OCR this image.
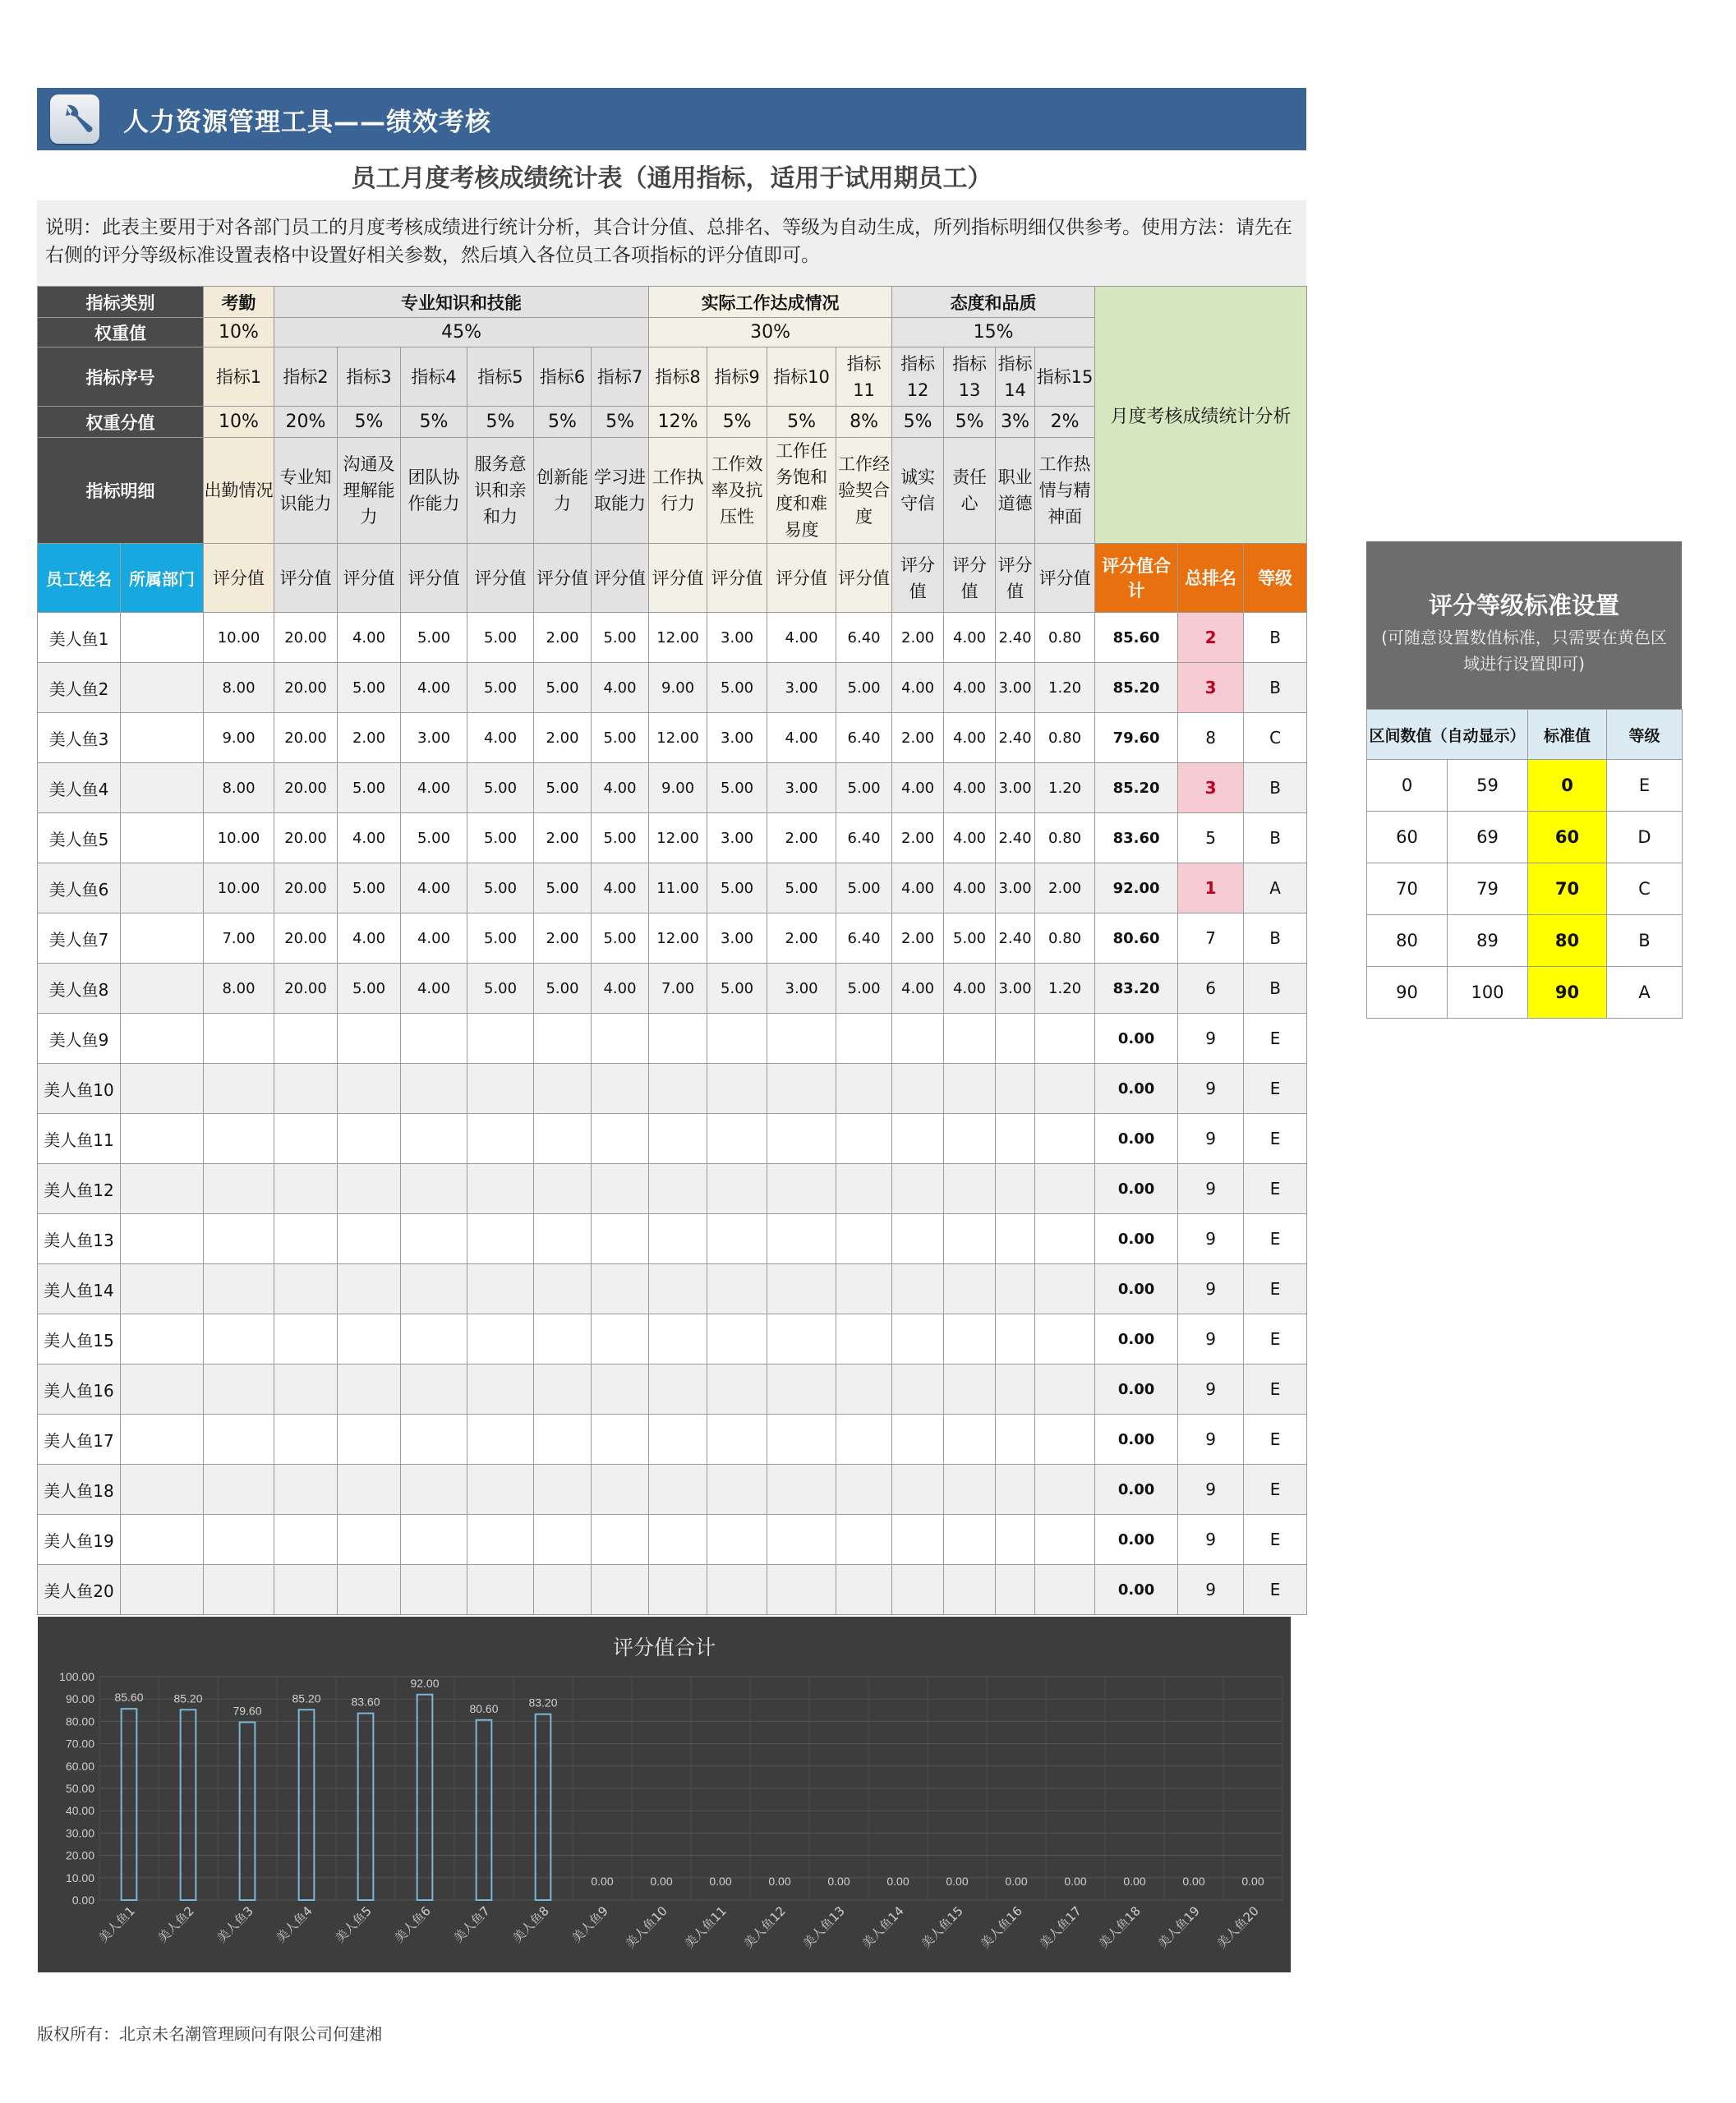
人力资源管理工具——绩效考核
员工月度考核成绩统计表（通用指标，适用于试用期员工）
说明：此表主要用于对各部门员工的月度考核成绩进行统计分析，其合计分值、总排名、等级为自动生成，所列指标明细仅供参考。使用方法：请先在右侧的评分等级标准设置表格中设置好相关参数，然后填入各位员工各项指标的评分值即可。
指标类别		考勤	专业知识和技能						实际工作达成情况				态度和品质				月度考核成绩统计分析		
权重值		10%	45%						30%				15%						
指标序号		指标1	指标2	指标3	指标4	指标5	指标6	指标7	指标8	指标9	指标10	指标11	指标12	指标13	指标14	指标15			
权重分值		10%	20%	5%	5%	5%	5%	5%	12%	5%	5%	8%	5%	5%	3%	2%			
指标明细		出勤情况	专业知识能力	沟通及理解能力	团队协作能力	服务意识和亲和力	创新能力	学习进取能力	工作执行力	工作效率及抗压性	工作任务饱和度和难易度	工作经验契合度	诚实守信	责任心	职业道德	工作热情与精神面			
员工姓名	所属部门	评分值	评分值	评分值	评分值	评分值	评分值	评分值	评分值	评分值	评分值	评分值	评分值	评分值	评分值	评分值	评分值合计	总排名	等级
美人鱼1		10.00	20.00	4.00	5.00	5.00	2.00	5.00	12.00	3.00	4.00	6.40	2.00	4.00	2.40	0.80	85.60	2	B
美人鱼2		8.00	20.00	5.00	4.00	5.00	5.00	4.00	9.00	5.00	3.00	5.00	4.00	4.00	3.00	1.20	85.20	3	B
美人鱼3		9.00	20.00	2.00	3.00	4.00	2.00	5.00	12.00	3.00	4.00	6.40	2.00	4.00	2.40	0.80	79.60	8	C
美人鱼4		8.00	20.00	5.00	4.00	5.00	5.00	4.00	9.00	5.00	3.00	5.00	4.00	4.00	3.00	1.20	85.20	3	B
美人鱼5		10.00	20.00	4.00	5.00	5.00	2.00	5.00	12.00	3.00	2.00	6.40	2.00	4.00	2.40	0.80	83.60	5	B
美人鱼6		10.00	20.00	5.00	4.00	5.00	5.00	4.00	11.00	5.00	5.00	5.00	4.00	4.00	3.00	2.00	92.00	1	A
美人鱼7		7.00	20.00	4.00	4.00	5.00	2.00	5.00	12.00	3.00	2.00	6.40	2.00	5.00	2.40	0.80	80.60	7	B
美人鱼8		8.00	20.00	5.00	4.00	5.00	5.00	4.00	7.00	5.00	3.00	5.00	4.00	4.00	3.00	1.20	83.20	6	B
美人鱼9																	0.00	9	E
美人鱼10																	0.00	9	E
美人鱼11																	0.00	9	E
美人鱼12																	0.00	9	E
美人鱼13																	0.00	9	E
美人鱼14																	0.00	9	E
美人鱼15																	0.00	9	E
美人鱼16																	0.00	9	E
美人鱼17																	0.00	9	E
美人鱼18																	0.00	9	E
美人鱼19																	0.00	9	E
美人鱼20																	0.00	9	E
评分等级标准设置
(可随意设置数值标准，只需要在黄色区域进行设置即可)
区间数值（自动显示）		标准值	等级
0	59	0	E
60	69	60	D
70	79	70	C
80	89	80	B
90	100	90	A
评分值合计
0.00
10.00
20.00
30.00
40.00
50.00
60.00
70.00
80.00
90.00
100.00
85.60
美人鱼1
85.20
美人鱼2
79.60
美人鱼3
85.20
美人鱼4
83.60
美人鱼5
92.00
美人鱼6
80.60
美人鱼7
83.20
美人鱼8
0.00
美人鱼9
0.00
美人鱼10
0.00
美人鱼11
0.00
美人鱼12
0.00
美人鱼13
0.00
美人鱼14
0.00
美人鱼15
0.00
美人鱼16
0.00
美人鱼17
0.00
美人鱼18
0.00
美人鱼19
0.00
美人鱼20
版权所有：北京未名潮管理顾问有限公司何建湘
